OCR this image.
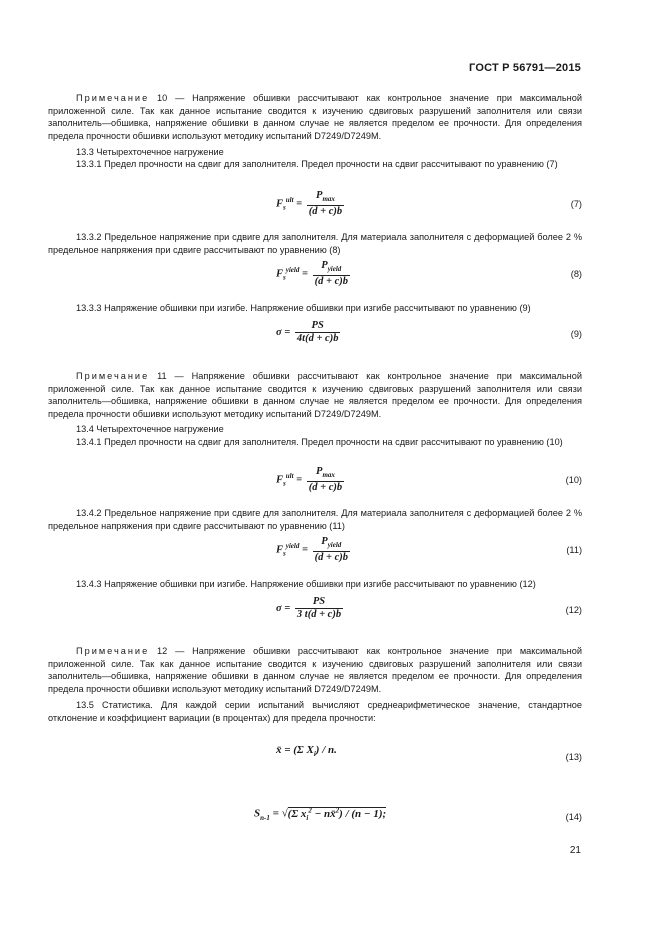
ГОСТ Р 56791—2015
Примечание 10 — Напряжение обшивки рассчитывают как контрольное значение при максимальной приложенной силе. Так как данное испытание сводится к изучению сдвиговых разрушений заполнителя или связи заполнитель—обшивка, напряжение обшивки в данном случае не является пределом ее прочности. Для определения предела прочности обшивки используют методику испытаний D7249/D7249M.
13.3 Четырехточечное нагружение
13.3.1 Предел прочности на сдвиг для заполнителя. Предел прочности на сдвиг рассчитывают по уравнению (7)
$F_s^{ult} = \frac{P_{max}}{(d + c)b}$	(7)
13.3.2 Предельное напряжение при сдвиге для заполнителя. Для материала заполнителя с деформацией более 2 % предельное напряжения при сдвиге рассчитывают по уравнению (8)
$F_s^{yield} = \frac{P_{yield}}{(d + c)b}$	(8)
13.3.3 Напряжение обшивки при изгибе. Напряжение обшивки при изгибе рассчитывают по уравнению (9)
$\sigma = \frac{PS}{4t(d + c)b}$	(9)
Примечание 11 — Напряжение обшивки рассчитывают как контрольное значение при максимальной приложенной силе. Так как данное испытание сводится к изучению сдвиговых разрушений заполнителя или связи заполнитель—обшивка, напряжение обшивки в данном случае не является пределом ее прочности. Для определения предела прочности обшивки используют методику испытаний D7249/D7249M.
13.4 Четырехточечное нагружение
13.4.1 Предел прочности на сдвиг для заполнителя. Предел прочности на сдвиг рассчитывают по уравнению (10)
$F_s^{ult} = \frac{P_{max}}{(d + c)b}$	(10)
13.4.2 Предельное напряжение при сдвиге для заполнителя. Для материала заполнителя с деформацией более 2 % предельное напряжения при сдвиге рассчитывают по уравнению (11)
$F_s^{yield} = \frac{P_{yield}}{(d + c)b}$	(11)
13.4.3 Напряжение обшивки при изгибе. Напряжение обшивки при изгибе рассчитывают по уравнению (12)
$\sigma = \frac{PS}{3 t(d + c)b}$	(12)
Примечание 12 — Напряжение обшивки рассчитывают как контрольное значение при максимальной приложенной силе. Так как данное испытание сводится к изучению сдвиговых разрушений заполнителя или связи заполнитель—обшивка, напряжение обшивки в данном случае не является пределом ее прочности. Для определения предела прочности обшивки используют методику испытаний D7249/D7249M.
13.5 Статистика. Для каждой серии испытаний вычисляют среднеарифметическое значение, стандартное отклонение и коэффициент вариации (в процентах) для предела прочности:
x̄ = (Σ $X_i$) / n.
(13)
$S_{n-1} = √(\Sigma$ $x_i^2$ − nx̄$^2$) / (n − 1);	(14)
21
